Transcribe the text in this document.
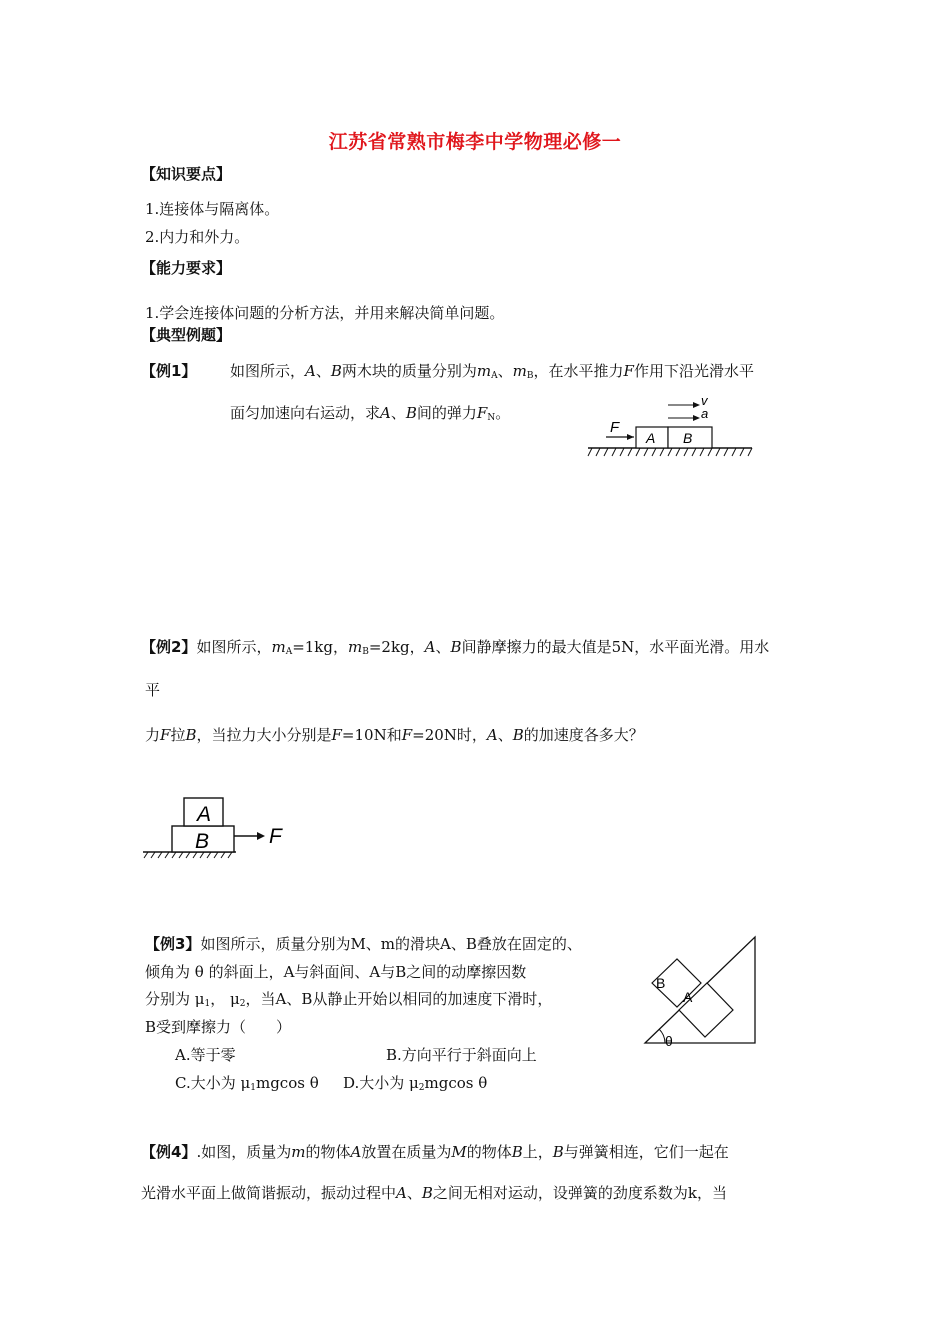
江苏省常熟市梅李中学物理必修一
【知识要点】
1.连接体与隔离体。
2.内力和外力。
【能力要求】
1.学会连接体问题的分析方法，并用来解决简单问题。
【典型例题】
【例1】 如图所示，A、B两木块的质量分别为$m_A$、$m_B$，在水平推力F作用下沿光滑水平
面匀加速向右运动，求A、B间的弹力$F_N$。
A B
F
v
a
【例2】如图所示，$m_A=1kg$，$m_B=2kg$，A、B间静摩擦力的最大值是5N，水平面光滑。用水
平
力F拉B，当拉力大小分别是F=10N和F=20N时，A、B的加速度各多大？
A
B	F
【例3】如图所示，质量分别为M、m的滑块A、B叠放在固定的、
倾角为 θ 的斜面上，A与斜面间、A与B之间的动摩擦因数
分别为 $\mu_1$， $\mu_2$，当A、B从静止开始以相同的加速度下滑时，
B受到摩擦力（　　）
A.等于零	B.方向平行于斜面向上
C.大小为 $\mu_1mgcos$ θ D.大小为 $\mu_2mgcos$ θ
θ
A
B
【例4】.如图，质量为m的物体A放置在质量为M的物体B上，B与弹簧相连，它们一起在
光滑水平面上做简谐振动，振动过程中A、B之间无相对运动，设弹簧的劲度系数为k，当
